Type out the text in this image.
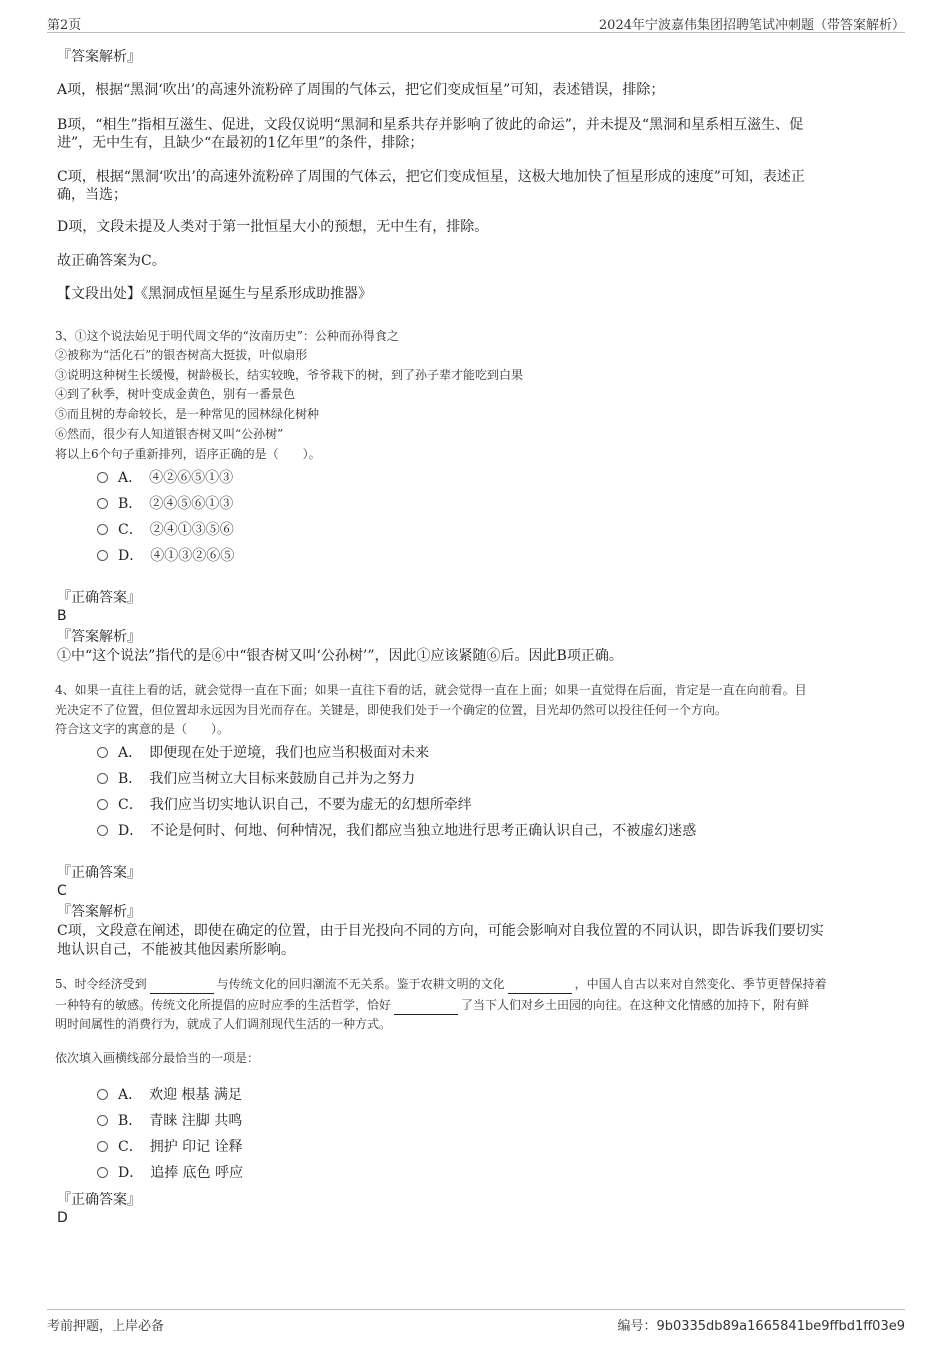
第2页	2024年宁波嘉伟集团招聘笔试冲刺题（带答案解析）
『答案解析』
A项，根据“黑洞‘吹出’的高速外流粉碎了周围的气体云，把它们变成恒星”可知，表述错误，排除；
B项，“相生”指相互滋生、促进，文段仅说明“黑洞和星系共存并影响了彼此的命运”，并未提及“黑洞和星系相互滋生、促
进”，无中生有，且缺少“在最初的1亿年里”的条件，排除；
C项，根据“黑洞‘吹出’的高速外流粉碎了周围的气体云，把它们变成恒星，这极大地加快了恒星形成的速度”可知，表述正
确，当选；
D项，文段未提及人类对于第一批恒星大小的预想，无中生有，排除。
故正确答案为C。
【文段出处】《黑洞成恒星诞生与星系形成助推器》
3、①这个说法始见于明代周文华的“汝南历史”：公种而孙得食之
②被称为“活化石”的银杏树高大挺拔，叶似扇形
③说明这种树生长缓慢，树龄极长，结实较晚，爷爷栽下的树，到了孙子辈才能吃到白果
④到了秋季，树叶变成金黄色，别有一番景色
⑤而且树的寿命较长，是一种常见的园林绿化树种
⑥然而，很少有人知道银杏树又叫“公孙树”
将以上6个句子重新排列，语序正确的是（　　）。
A．　④②⑥⑤①③
B．　②④⑤⑥①③
C．　②④①③⑤⑥
D．　④①③②⑥⑤
『正确答案』
B
『答案解析』
①中“这个说法”指代的是⑥中“银杏树又叫‘公孙树’”，因此①应该紧随⑥后。因此B项正确。
4、如果一直往上看的话，就会觉得一直在下面；如果一直往下看的话，就会觉得一直在上面；如果一直觉得在后面，肯定是一直在向前看。目
光决定不了位置，但位置却永远因为目光而存在。关键是，即使我们处于一个确定的位置，目光却仍然可以投往任何一个方向。
符合这文字的寓意的是（　　）。
A．　即便现在处于逆境，我们也应当积极面对未来
B．　我们应当树立大目标来鼓励自己并为之努力
C．　我们应当切实地认识自己，不要为虚无的幻想所牵绊
D．　不论是何时、何地、何种情况，我们都应当独立地进行思考正确认识自己，不被虚幻迷惑
『正确答案』
C
『答案解析』
C项，文段意在阐述，即使在确定的位置，由于目光投向不同的方向，可能会影响对自我位置的不同认识，即告诉我们要切实
地认识自己，不能被其他因素所影响。
5、时令经济受到	与传统文化的回归潮流不无关系。鉴于农耕文明的文化	，中国人自古以来对自然变化、季节更替保持着
一种特有的敏感。传统文化所提倡的应时应季的生活哲学，恰好	了当下人们对乡土田园的向往。在这种文化情感的加持下，附有鲜
明时间属性的消费行为，就成了人们调剂现代生活的一种方式。
依次填入画横线部分最恰当的一项是：
A．　欢迎 根基 满足
B．　青睐 注脚 共鸣
C．　拥护 印记 诠释
D．　追捧 底色 呼应
『正确答案』
D
考前押题，上岸必备	编号：9b0335db89a1665841be9ffbd1ff03e9
